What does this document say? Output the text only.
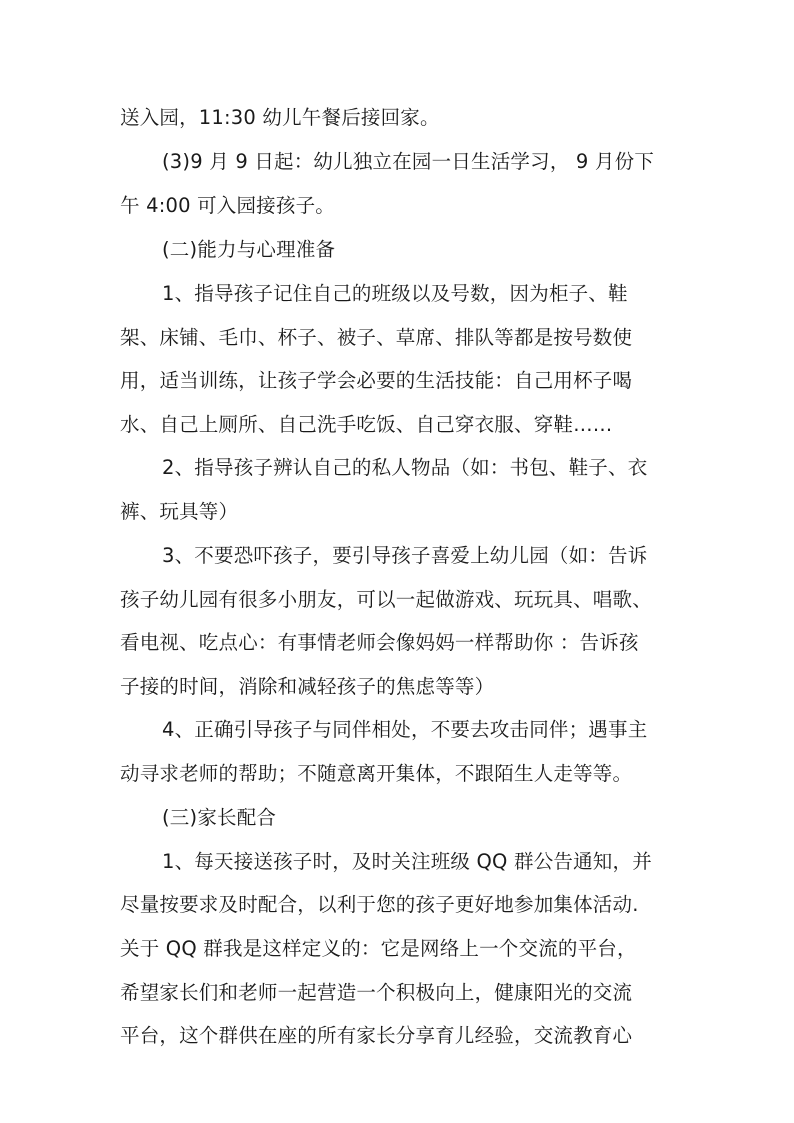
送入园，11:30 幼儿午餐后接回家。
(3)9 月 9 日起：幼儿独立在园一日生活学习， 9 月份下
午 4:00 可入园接孩子。
(二)能力与心理准备
1、指导孩子记住自己的班级以及号数，因为柜子、鞋
架、床铺、毛巾、杯子、被子、草席、排队等都是按号数使
用，适当训练，让孩子学会必要的生活技能：自己用杯子喝
水、自己上厕所、自己洗手吃饭、自己穿衣服、穿鞋……
2、指导孩子辨认自己的私人物品（如：书包、鞋子、衣
裤、玩具等）
3、不要恐吓孩子，要引导孩子喜爱上幼儿园（如：告诉
孩子幼儿园有很多小朋友，可以一起做游戏、玩玩具、唱歌、
看电视、吃点心：有事情老师会像妈妈一样帮助你 ：告诉孩
子接的时间，消除和减轻孩子的焦虑等等）
4、正确引导孩子与同伴相处，不要去攻击同伴；遇事主
动寻求老师的帮助；不随意离开集体，不跟陌生人走等等。
(三)家长配合
1、每天接送孩子时，及时关注班级 QQ 群公告通知，并
尽量按要求及时配合，以利于您的孩子更好地参加集体活动.
关于 QQ 群我是这样定义的：它是网络上一个交流的平台，
希望家长们和老师一起营造一个积极向上，健康阳光的交流
平台，这个群供在座的所有家长分享育儿经验，交流教育心
